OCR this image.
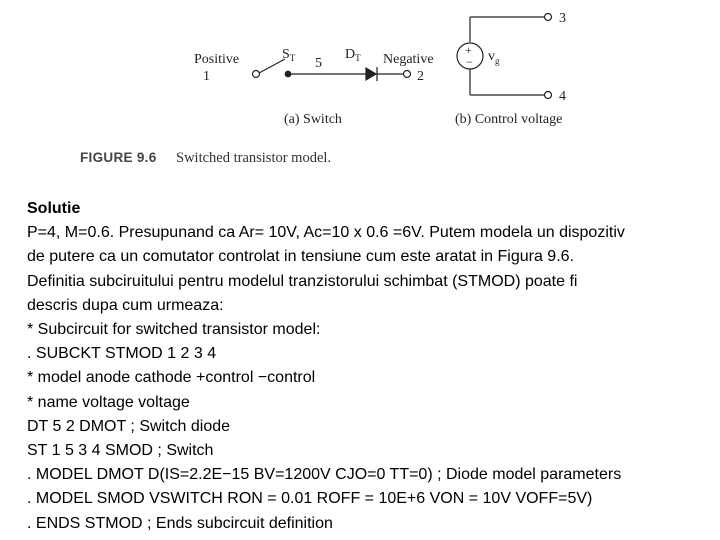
Positive
1
$S_T$ 5
$D_T$ Negative
2
(a) Switch
+
− $v_g$
3
4
(b) Control voltage
FIGURE 9.6 Switched transistor model.
Solutie
P=4, M=0.6. Presupunand ca Ar= 10V, Ac=10 x 0.6 =6V. Putem modela un dispozitiv
de putere ca un comutator controlat in tensiune cum este aratat in Figura 9.6.
Definitia subciruitului pentru modelul tranzistorului schimbat (STMOD) poate fi
descris dupa cum urmeaza:
* Subcircuit for switched transistor model:
. SUBCKT STMOD 1 2 3 4
* model anode cathode +control −control
* name voltage voltage
DT 5 2 DMOT ; Switch diode
ST 1 5 3 4 SMOD ; Switch
. MODEL DMOT D(IS=2.2E−15 BV=1200V CJO=0 TT=0) ; Diode model parameters
. MODEL SMOD VSWITCH RON = 0.01 ROFF = 10E+6 VON = 10V VOFF=5V)
. ENDS STMOD ; Ends subcircuit definition
